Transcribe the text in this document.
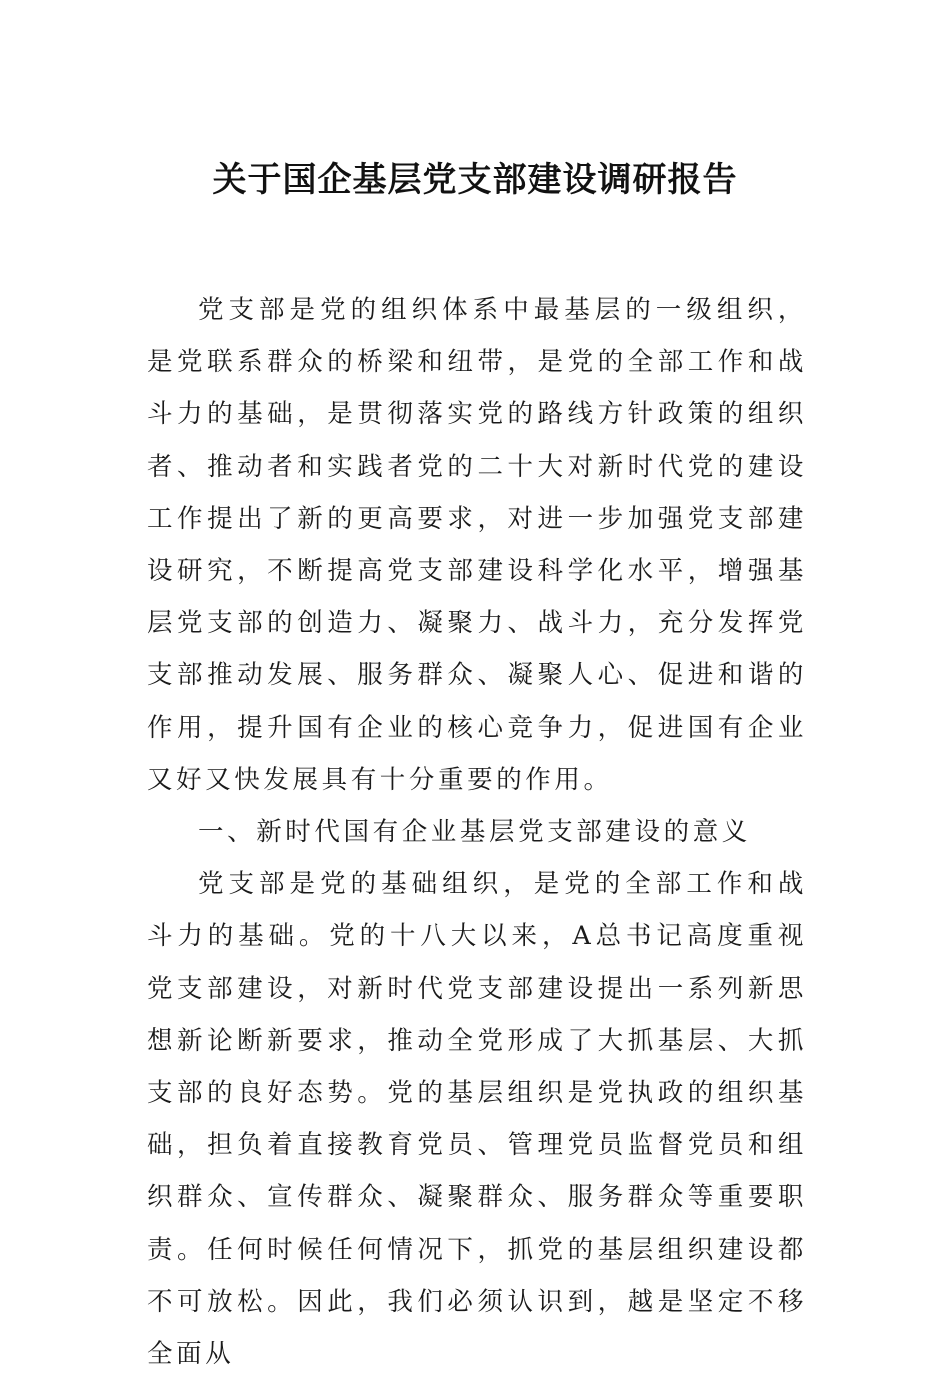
关于国企基层党支部建设调研报告

党支部是党的组织体系中最基层的一级组织，是党联系群众的桥梁和纽带，是党的全部工作和战斗力的基础，是贯彻落实党的路线方针政策的组织者、推动者和实践者党的二十大对新时代党的建设工作提出了新的更高要求，对进一步加强党支部建设研究，不断提高党支部建设科学化水平，增强基层党支部的创造力、凝聚力、战斗力，充分发挥党支部推动发展、服务群众、凝聚人心、促进和谐的作用，提升国有企业的核心竞争力，促进国有企业又好又快发展具有十分重要的作用。

一、新时代国有企业基层党支部建设的意义

党支部是党的基础组织，是党的全部工作和战斗力的基础。党的十八大以来，A总书记高度重视党支部建设，对新时代党支部建设提出一系列新思想新论断新要求，推动全党形成了大抓基层、大抓支部的良好态势。党的基层组织是党执政的组织基础，担负着直接教育党员、管理党员监督党员和组织群众、宣传群众、凝聚群众、服务群众等重要职责。任何时候任何情况下，抓党的基层组织建设都不可放松。因此，我们必须认识到，越是坚定不移全面从
